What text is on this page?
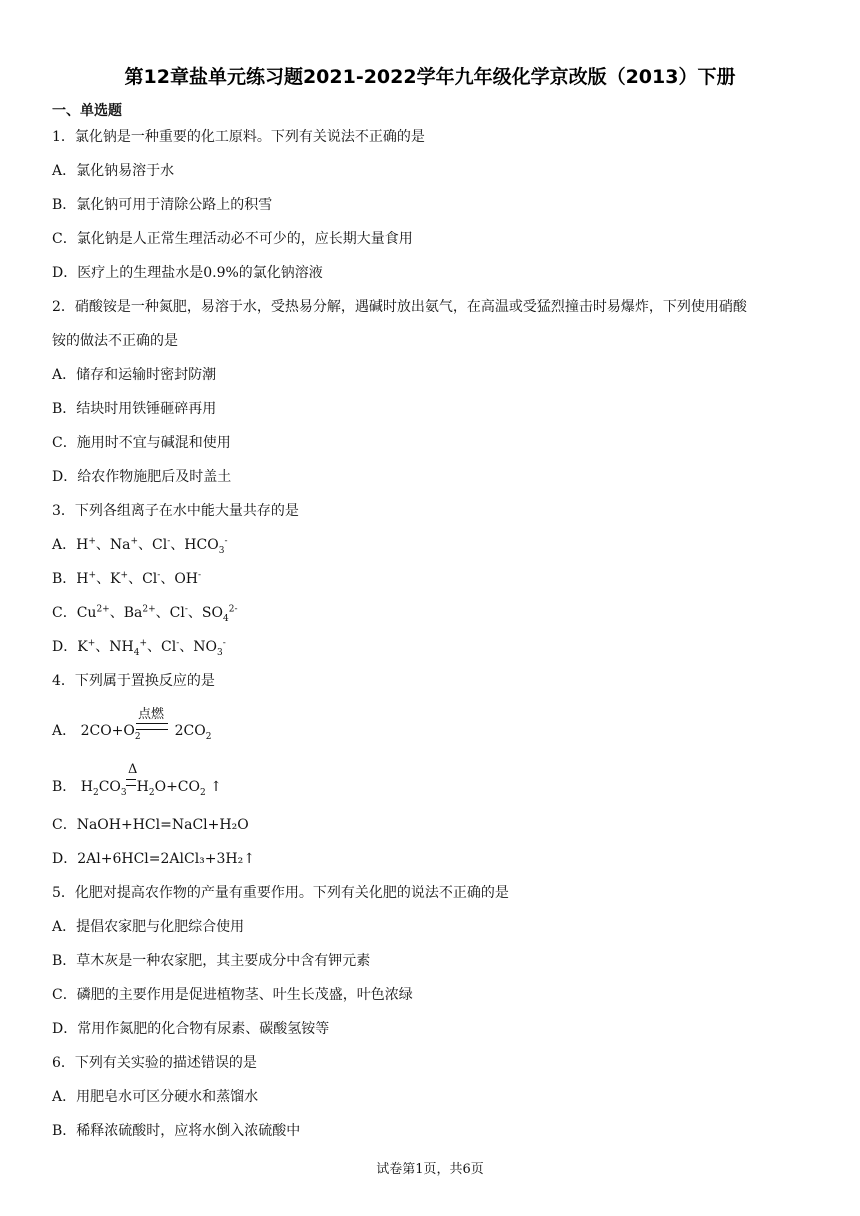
第12章盐单元练习题2021-2022学年九年级化学京改版（2013）下册
一、单选题
1．氯化钠是一种重要的化工原料。下列有关说法不正确的是
A．氯化钠易溶于水
B．氯化钠可用于清除公路上的积雪
C．氯化钠是人正常生理活动必不可少的，应长期大量食用
D．医疗上的生理盐水是0.9%的氯化钠溶液
2．硝酸铵是一种氮肥，易溶于水，受热易分解，遇碱时放出氨气，在高温或受猛烈撞击时易爆炸，下列使用硝酸
铵的做法不正确的是
A．储存和运输时密封防潮
B．结块时用铁锤砸碎再用
C．施用时不宜与碱混和使用
D．给农作物施肥后及时盖土
3．下列各组离子在水中能大量共存的是
A．H+、Na+、Cl-、$HCO_3^-$
B．H+、K+、Cl-、OH-
C．$Cu^{2+}$、$Ba^{2+}$、Cl-、$SO_4^{2-}$
D．K+、$NH_4^+$、Cl-、$NO_3^-$
4．下列属于置换反应的是
A． $2CO+O_2$ $2CO_2$
点燃
B． $H_2CO_3$ $H_2O+CO_2$ ↑
Δ
C．NaOH+HCl=NaCl+H₂O
D．2Al+6HCl=2AlCl₃+3H₂↑
5．化肥对提高农作物的产量有重要作用。下列有关化肥的说法不正确的是
A．提倡农家肥与化肥综合使用
B．草木灰是一种农家肥，其主要成分中含有钾元素
C．磷肥的主要作用是促进植物茎、叶生长茂盛，叶色浓绿
D．常用作氮肥的化合物有尿素、碳酸氢铵等
6．下列有关实验的描述错误的是
A．用肥皂水可区分硬水和蒸馏水
B．稀释浓硫酸时，应将水倒入浓硫酸中
试卷第1页，共6页
